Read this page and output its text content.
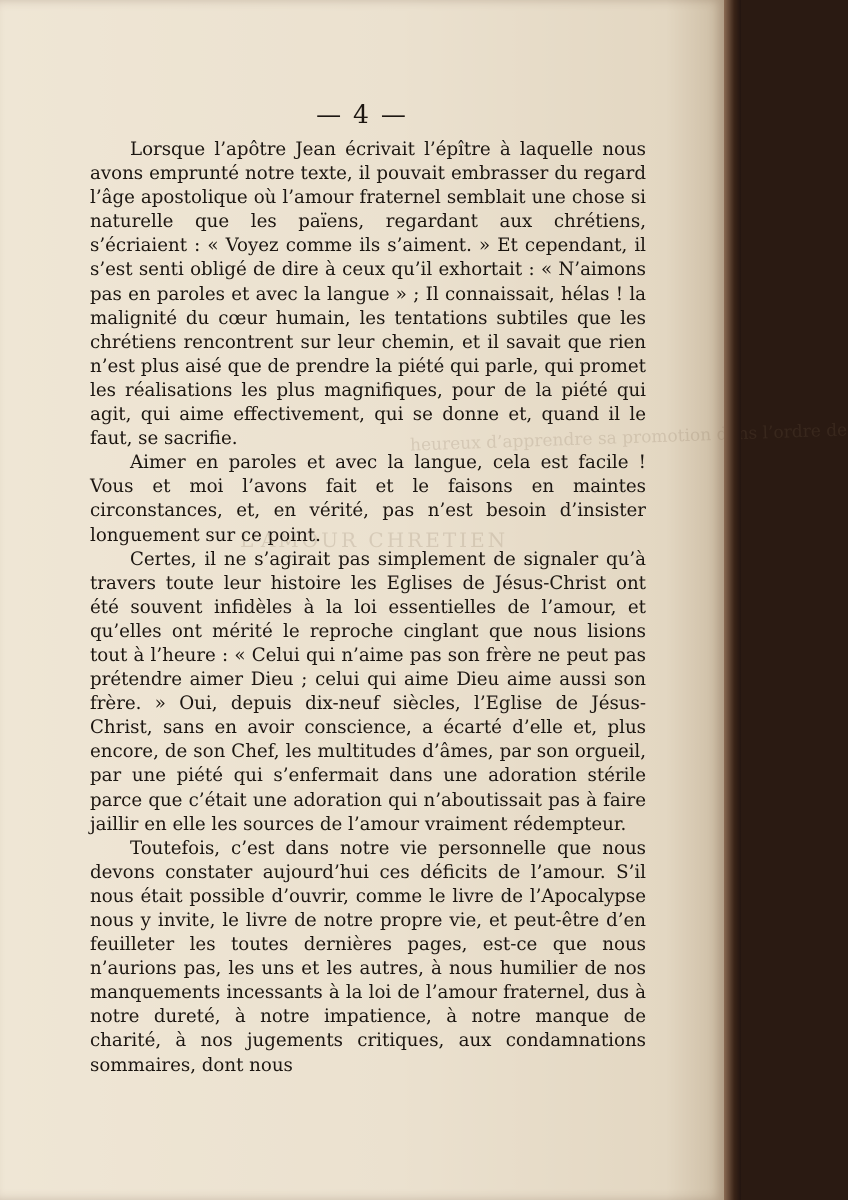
heureux d’apprendre sa promotion dans l’ordre de
L’AMOUR CHRETIEN
— 4 —

Lorsque l’apôtre Jean écrivait l’épître à laquelle nous avons emprunté notre texte, il pouvait embrasser du regard l’âge apostolique où l’amour fraternel semblait une chose si naturelle que les païens, regardant aux chrétiens, s’écriaient : « Voyez comme ils s’aiment. » Et cependant, il s’est senti obligé de dire à ceux qu’il exhortait : « N’aimons pas en paroles et avec la langue » ; Il connaissait, hélas ! la malignité du cœur humain, les tentations subtiles que les chrétiens rencontrent sur leur chemin, et il savait que rien n’est plus aisé que de prendre la piété qui parle, qui promet les réalisations les plus magnifiques, pour de la piété qui agit, qui aime effectivement, qui se donne et, quand il le faut, se sacrifie.

Aimer en paroles et avec la langue, cela est facile ! Vous et moi l’avons fait et le faisons en maintes circonstances, et, en vérité, pas n’est besoin d’insister longuement sur ce point.

Certes, il ne s’agirait pas simplement de signaler qu’à travers toute leur histoire les Eglises de Jésus-Christ ont été souvent infidèles à la loi essentielles de l’amour, et qu’elles ont mérité le reproche cinglant que nous lisions tout à l’heure : « Celui qui n’aime pas son frère ne peut pas prétendre aimer Dieu ; celui qui aime Dieu aime aussi son frère. » Oui, depuis dix-neuf siècles, l’Eglise de Jésus-Christ, sans en avoir conscience, a écarté d’elle et, plus encore, de son Chef, les multitudes d’âmes, par son orgueil, par une piété qui s’enfermait dans une adoration stérile parce que c’était une adoration qui n’aboutissait pas à faire jaillir en elle les sources de l’amour vraiment rédempteur.

Toutefois, c’est dans notre vie personnelle que nous devons constater aujourd’hui ces déficits de l’amour. S’il nous était possible d’ouvrir, comme le livre de l’Apocalypse nous y invite, le livre de notre propre vie, et peut-être d’en feuilleter les toutes dernières pages, est-ce que nous n’aurions pas, les uns et les autres, à nous humilier de nos manquements incessants à la loi de l’amour fraternel, dus à notre dureté, à notre impatience, à notre manque de charité, à nos jugements critiques, aux condamnations sommaires, dont nous
